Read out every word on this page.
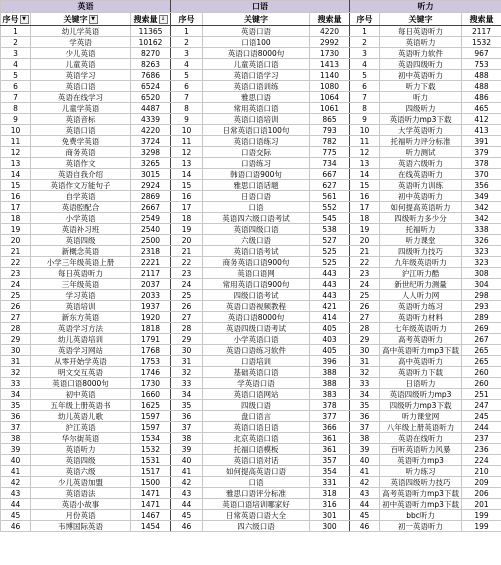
英语			口语			听力		
序号 ▼	关键字 ▼	搜索量 ↓	序号	关键字	搜索量	序号	关键字	搜索量
1	幼儿学英语	11365	1	英语口语	4220	1	每日英语听力	2117
2	学英语	10162	2	口语100	2992	2	英语听力	1532
3	少儿英语	8270	3	英语口语8000句	1730	3	英语听力软件	967
4	儿童英语	8263	4	儿童英语口语	1413	4	英语四级听力	753
5	英语学习	7686	5	英语口语学习	1140	5	初中英语听力	488
6	英语口语	6524	6	英语口语训练	1080	6	听力下载	488
7	英语在线学习	6520	7	雅思口语	1064	7	听力	486
8	儿童学英语	4487	8	常用英语口语	1061	8	四级听力	465
9	英语音标	4339	9	英语口语培训	865	9	英语听力mp3下载	412
10	英语口语	4220	10	日常英语口语100句	793	10	大学英语听力	413
11	免费学英语	3724	11	英语口语练习	782	11	托福听力评分标准	391
12	商务英语	3298	12	口语交际	775	12	听力测试	379
13	英语作文	3265	13	口语练习	734	13	英语六级听力	378
14	英语自我介绍	3015	14	韩语口语900句	667	14	在线英语听力	370
15	英语作文万能句子	2924	15	雅思口语话题	627	15	英语听力训练	356
16	自学英语	2869	16	日语口语	561	16	初中英语听力	349
17	英语腔配合	2667	17	口语	552	17	如何提高英语听力	342
18	小学英语	2549	18	英语四六级口语考试	545	18	四级听力多少分	342
19	英语补习班	2540	19	英语四级口语	538	19	托福听力	338
20	英语四级	2500	20	六级口语	527	20	听力课堂	326
21	新概念英语	2318	21	英语口语考试	525	21	四级听力技巧	323
22	小学三年级英语上册	2221	22	商务英语口语900句	525	22	九年级英语听力	323
23	每日英语听力	2117	23	英语口语网	443	23	沪江听力酷	308
24	三年级英语	2037	24	常用英语口语900句	443	24	新世纪听力测量	304
25	学习英语	2033	25	四级口语考试	443	25	人人听力网	298
26	英语培训	1937	26	英语口语视频教程	421	26	英语听力练习	293
27	新东方英语	1920	27	英语口语8000句	414	27	英语听力材料	289
28	英语学习方法	1818	28	英语四级口语考试	405	28	七年级英语听力	269
29	幼儿英语培训	1791	29	小学英语口语	403	29	高考英语听力	267
30	英语学习网站	1768	30	英语口语练习软件	405	30	高中英语听力mp3下载	265
31	从零开始学英语	1753	31	口语培训	396	31	高中英语听力	265
32	明文交互英语	1746	32	基础英语口语	388	32	英语听力下载	260
33	英语口语8000句	1730	33	学英语口语	388	33	日语听力	260
34	初中英语	1660	34	英语口语网站	383	34	英语四级听力mp3	251
35	五年级上册英语书	1625	35	四级口语	378	35	四级听力mp3下载	247
36	幼儿英语儿歌	1597	36	盘口语言	377	36	听力课堂网	245
37	沪江英语	1597	37	英语口语日语	366	37	八年级上册英语听力	244
38	华尔街英语	1534	38	北京英语口语	361	38	英语在线听力	237
39	英语听力	1532	39	托福口语模板	361	39	百听英语听力风暴	236
40	英语四级	1531	40	英语口语对话	357	40	英语听力mp3	224
41	英语六级	1517	41	如何提高英语口语	354	41	听力练习	210
42	少儿英语加盟	1500	42	口语	331	42	英语四级听力技巧	209
43	英语语法	1471	43	雅思口语评分标准	318	43	高考英语听力mp3下载	206
44	英语小故事	1471	44	英语口语培训哪家好	316	44	初中英语听力mp3下载	201
45	月份英语	1467	45	日常英语口语大全	301	45	bbc听力	199
46	韦博国际英语	1454	46	四六级口语	300	46	初一英语听力	199
